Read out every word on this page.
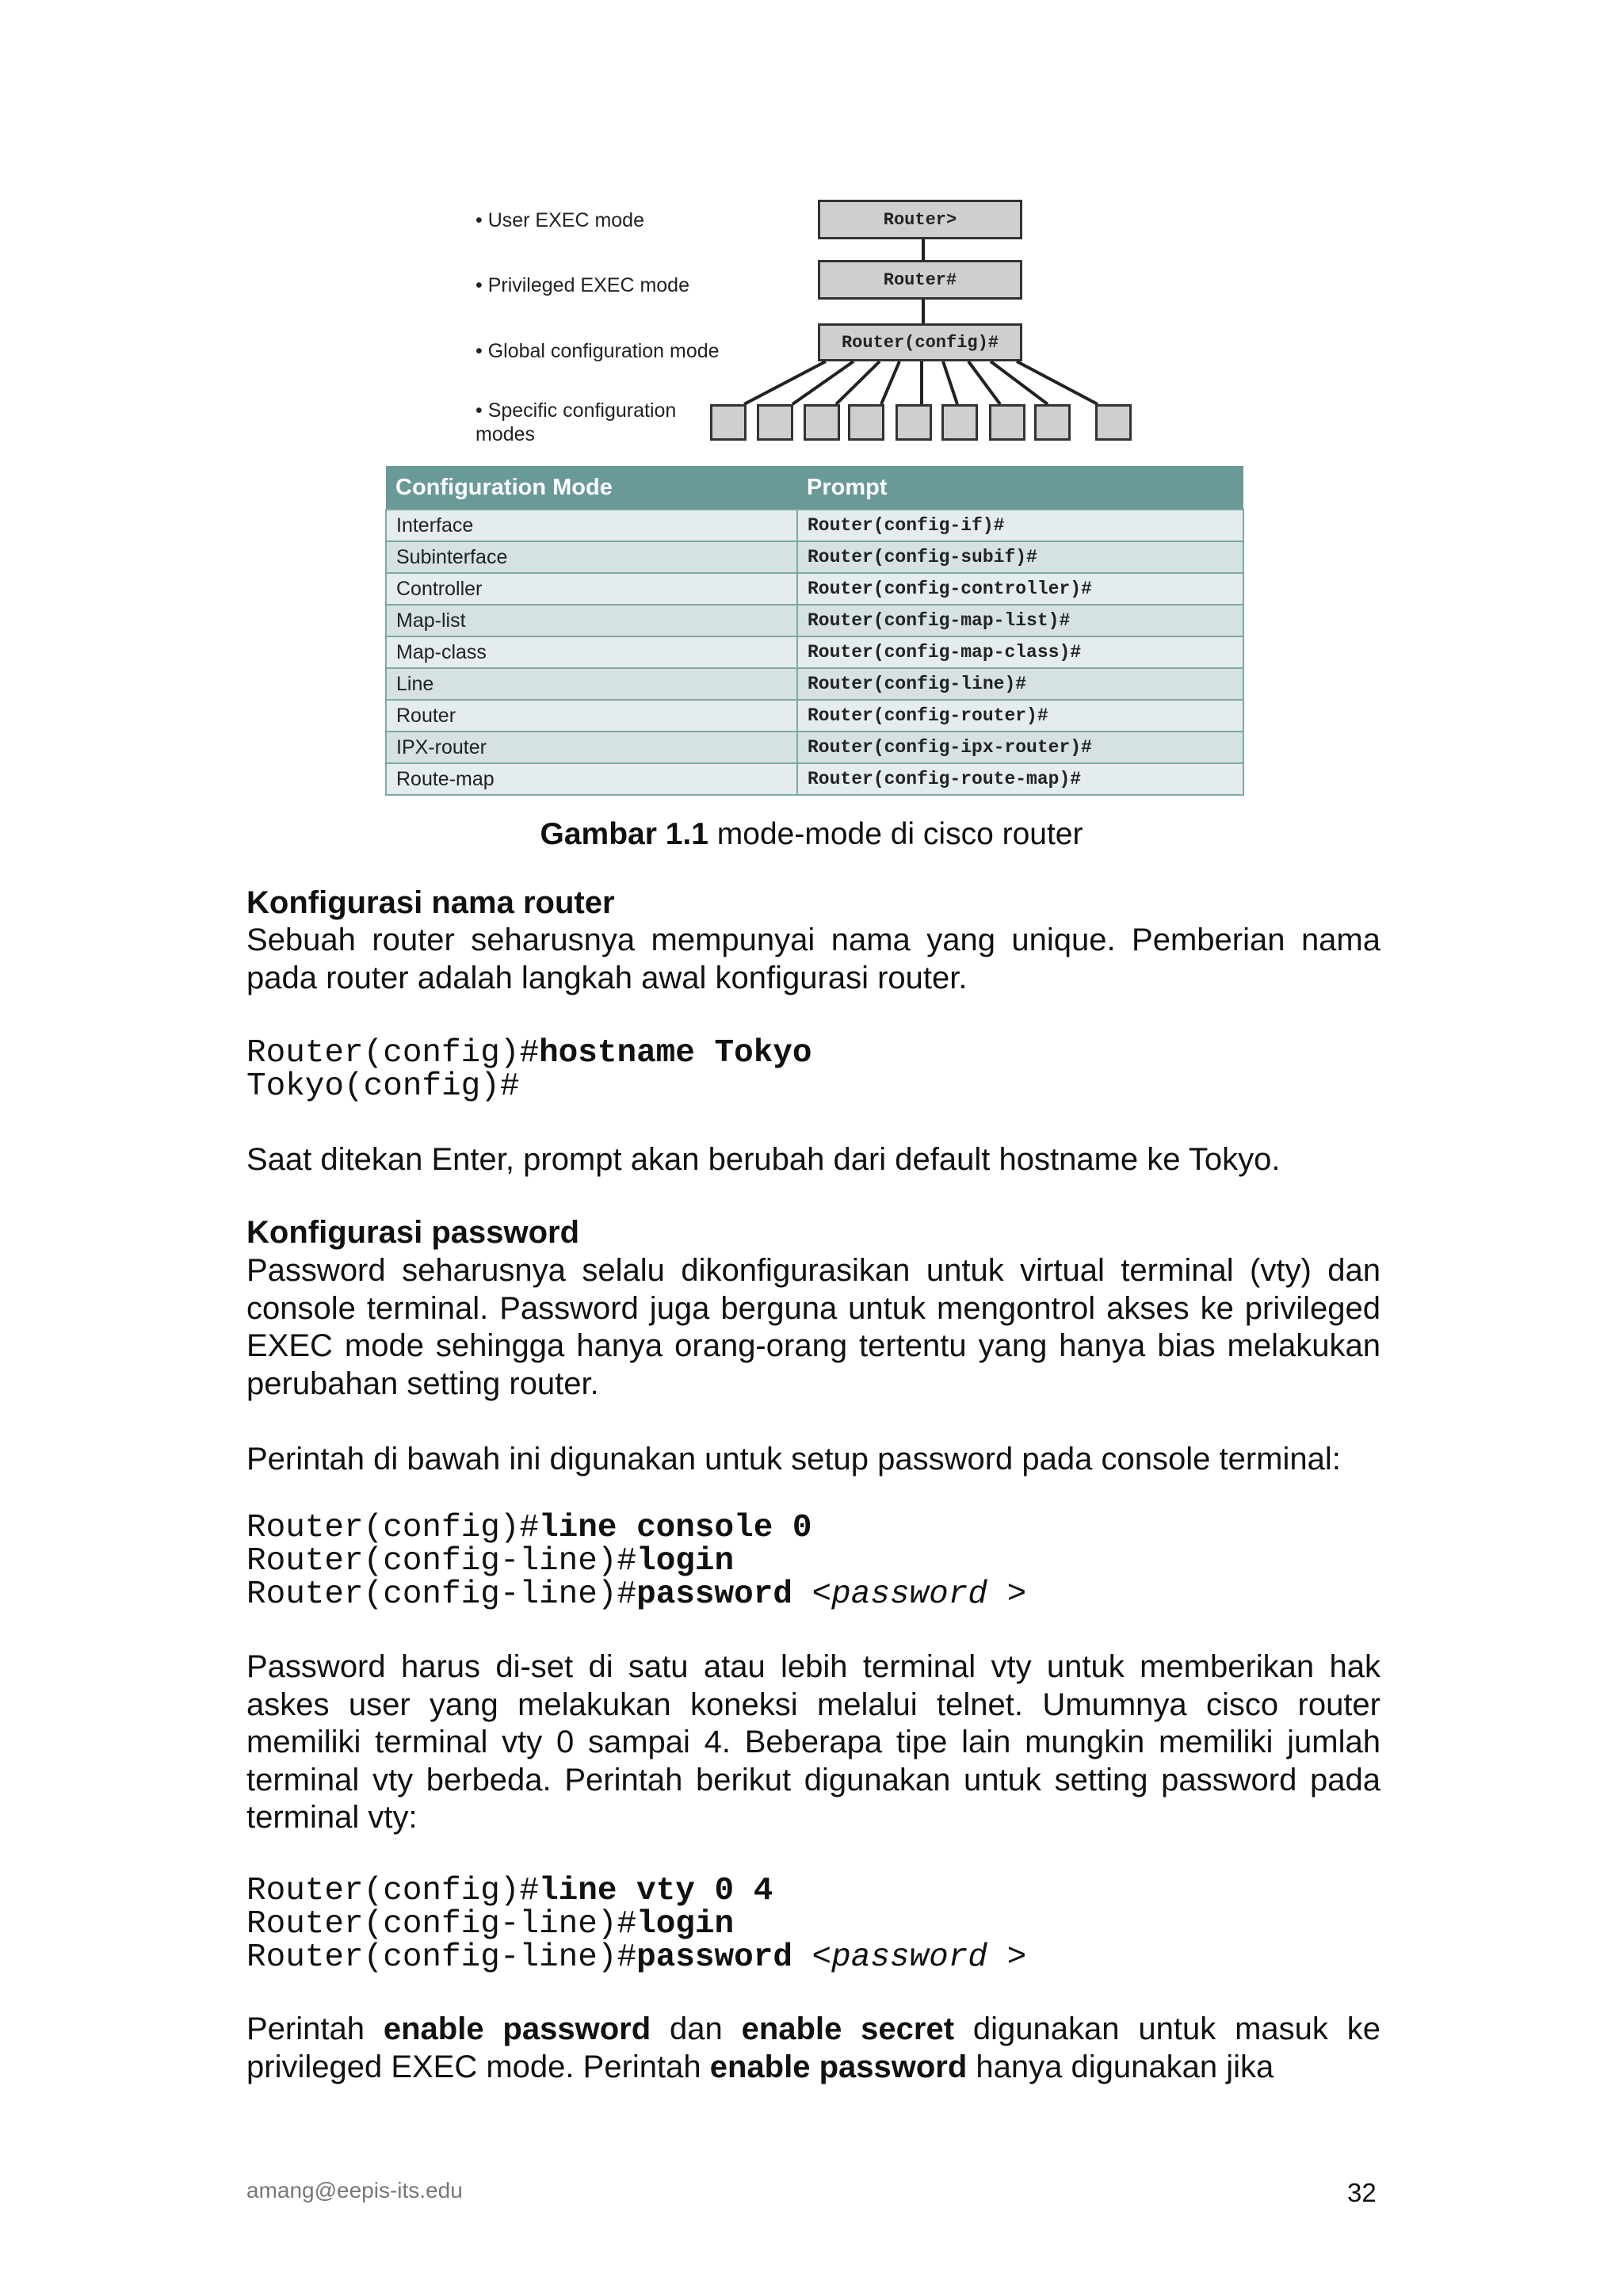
• User EXEC mode
• Privileged EXEC mode
• Global configuration mode
• Specific configuration modes
Router>
Router#
Router(config)#
Configuration Mode	Prompt
Interface	Router(config-if)#
Subinterface	Router(config-subif)#
Controller	Router(config-controller)#
Map-list	Router(config-map-list)#
Map-class	Router(config-map-class)#
Line	Router(config-line)#
Router	Router(config-router)#
IPX-router	Router(config-ipx-router)#
Route-map	Router(config-route-map)#
Gambar 1.1 mode-mode di cisco router
Konfigurasi nama router
Sebuah router seharusnya mempunyai nama yang unique. Pemberian nama pada router adalah langkah awal konfigurasi router.
Router(config)#hostname Tokyo
Tokyo(config)#
Saat ditekan Enter, prompt akan berubah dari default hostname ke Tokyo.
Konfigurasi password
Password seharusnya selalu dikonfigurasikan untuk virtual terminal (vty) dan console terminal. Password juga berguna untuk mengontrol akses ke privileged EXEC mode sehingga hanya orang-orang tertentu yang hanya bias melakukan perubahan setting router.
Perintah di bawah ini digunakan untuk setup password pada console terminal:
Router(config)#line console 0
Router(config-line)#login
Router(config-line)#password <password >
Password harus di-set di satu atau lebih terminal vty untuk memberikan hak askes user yang melakukan koneksi melalui telnet. Umumnya cisco router memiliki terminal vty 0 sampai 4. Beberapa tipe lain mungkin memiliki jumlah terminal vty berbeda. Perintah berikut digunakan untuk setting password pada terminal vty:
Router(config)#line vty 0 4
Router(config-line)#login
Router(config-line)#password <password >
Perintah enable password dan enable secret digunakan untuk masuk ke privileged EXEC mode. Perintah enable password hanya digunakan jika
amang@eepis-its.edu	32
